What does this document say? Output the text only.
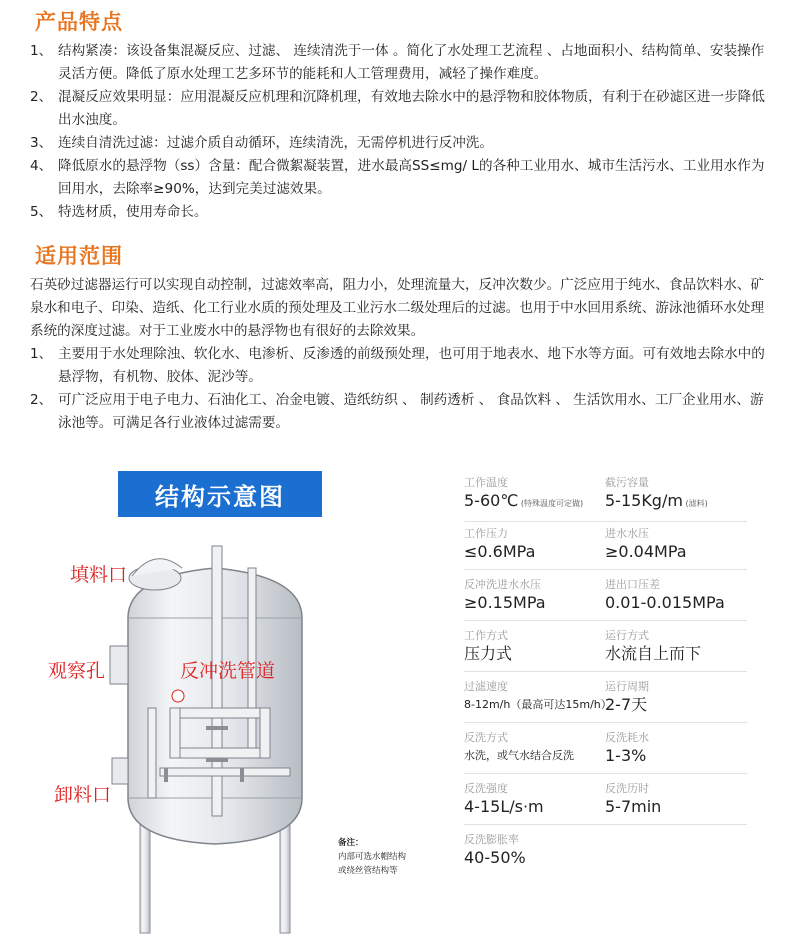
产品特点
1、 结构紧凑：该设备集混凝反应、过滤、 连续清洗于一体 。简化了水处理工艺流程 、占地面积小、结构简单、安装操作灵活方便。降低了原水处理工艺多环节的能耗和人工管理费用，减轻了操作难度。
2、 混凝反应效果明显：应用混凝反应机理和沉降机理，有效地去除水中的悬浮物和胶体物质，有利于在砂滤区进一步降低出水浊度。
3、 连续自清洗过滤：过滤介质自动循环，连续清洗，无需停机进行反冲洗。
4、 降低原水的悬浮物（ss）含量：配合微絮凝装置，进水最高SS≤mg/ L的各种工业用水、城市生活污水、工业用水作为回用水，去除率≥90%，达到完美过滤效果。
5、 特选材质，使用寿命长。
适用范围

石英砂过滤器运行可以实现自动控制，过滤效率高，阻力小，处理流量大，反冲次数少。广泛应用于纯水、食品饮料水、矿泉水和电子、印染、造纸、化工行业水质的预处理及工业污水二级处理后的过滤。也用于中水回用系统、游泳池循环水处理系统的深度过滤。对于工业废水中的悬浮物也有很好的去除效果。

1、 主要用于水处理除浊、软化水、电渗析、反渗透的前级预处理，也可用于地表水、地下水等方面。可有效地去除水中的悬浮物，有机物、胶体、泥沙等。
2、 可广泛应用于电子电力、石油化工、冶金电镀、造纸纺织 、 制药透析 、 食品饮料 、 生活饮用水、工厂企业用水、游泳池等。可满足各行业液体过滤需要。
结构示意图
填料口
观察孔	反冲洗管道
卸料口
备注：
内部可选水帽结构
或绕丝管结构等
工作温度
5-60℃ (特殊温度可定做)
截污容量
5-15Kg/m (滤料)
工作压力
≤0.6MPa
进水水压
≥0.04MPa
反冲洗进水水压
≥0.15MPa
进出口压差
0.01-0.015MPa
工作方式
压力式
运行方式
水流自上而下
过滤速度
8-12m/h（最高可达15m/h）
运行周期
2-7天
反洗方式
水洗，或气水结合反洗
反洗耗水
1-3%
反洗强度
4-15L/s·m
反洗历时
5-7min
反洗膨胀率
40-50%
